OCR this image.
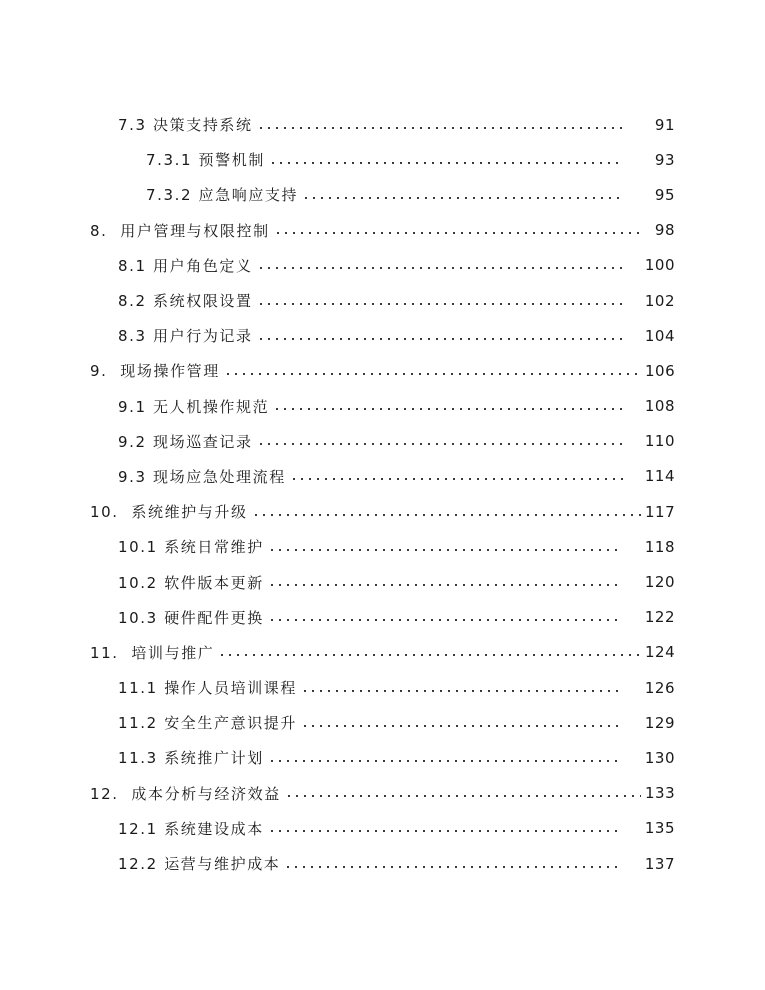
7.3 决策支持系统	91
7.3.1 预警机制	93
7.3.2 应急响应支持	95
8. 用户管理与权限控制	98
8.1 用户角色定义	100
8.2 系统权限设置	102
8.3 用户行为记录	104
9. 现场操作管理	106
9.1 无人机操作规范	108
9.2 现场巡查记录	110
9.3 现场应急处理流程	114
10. 系统维护与升级	117
10.1 系统日常维护	118
10.2 软件版本更新	120
10.3 硬件配件更换	122
11. 培训与推广	124
11.1 操作人员培训课程	126
11.2 安全生产意识提升	129
11.3 系统推广计划	130
12. 成本分析与经济效益	133
12.1 系统建设成本	135
12.2 运营与维护成本	137
